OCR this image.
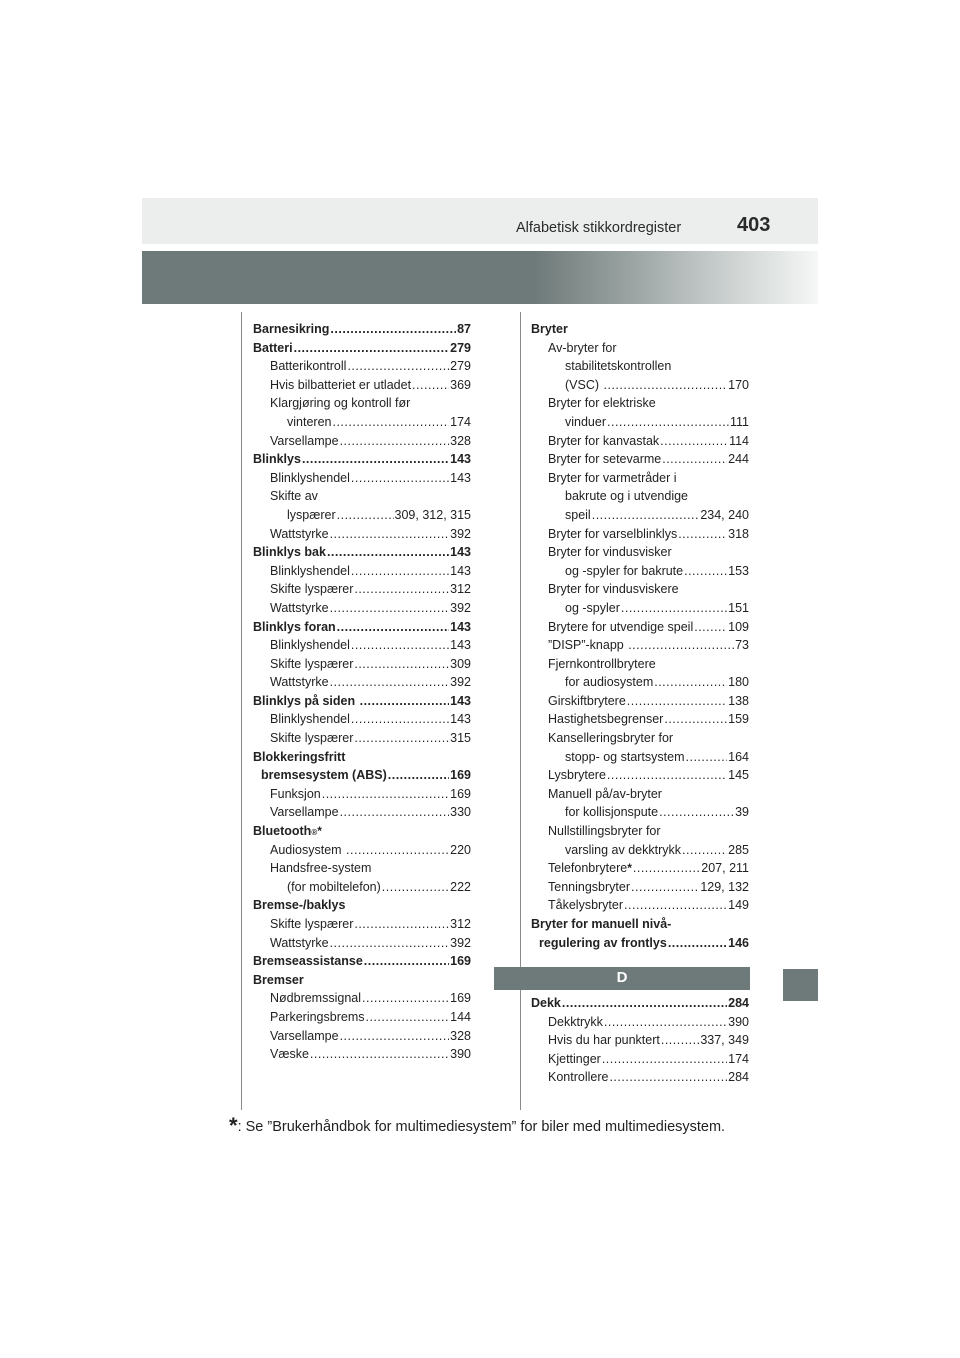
Alfabetisk stikkordregister	403
Barnesikring .....	87
Batteri .....	279
Batterikontroll .....	279
Hvis bilbatteriet er utladet .....	369
Klargjøring og kontroll før
vinteren .....	174
Varsellampe .....	328
Blinklys .....	143
Blinklyshendel .....	143
Skifte av
lyspærer .....	309, 312, 315
Wattstyrke .....	392
Blinklys bak .....	143
Blinklyshendel .....	143
Skifte lyspærer .....	312
Wattstyrke .....	392
Blinklys foran .....	143
Blinklyshendel .....	143
Skifte lyspærer .....	309
Wattstyrke .....	392
Blinklys på siden .....	143
Blinklyshendel .....	143
Skifte lyspærer .....	315
Blokkeringsfritt
bremsesystem (ABS) .....	169
Funksjon .....	169
Varsellampe .....	330
Bluetooth ® *
Audiosystem .....	220
Handsfree-system
(for mobiltelefon) .....	222
Bremse-/baklys
Skifte lyspærer .....	312
Wattstyrke .....	392
Bremseassistanse .....	169
Bremser
Nødbremssignal .....	169
Parkeringsbrems .....	144
Varsellampe .....	328
Væske .....	390
Bryter
Av-bryter for
stabilitetskontrollen
(VSC) .....	170
Bryter for elektriske
vinduer .....	111
Bryter for kanvastak .....	114
Bryter for setevarme .....	244
Bryter for varmetråder i
bakrute og i utvendige
speil .....	234, 240
Bryter for varselblinklys .....	318
Bryter for vindusvisker
og -spyler for bakrute .....	153
Bryter for vindusviskere
og -spyler .....	151
Brytere for utvendige speil .....	109
”DISP”-knapp .....	73
Fjernkontrollbrytere
for audiosystem .....	180
Girskiftbrytere .....	138
Hastighetsbegrenser .....	159
Kanselleringsbryter for
stopp- og startsystem .....	164
Lysbrytere .....	145
Manuell på/av-bryter
for kollisjonspute .....	39
Nullstillingsbryter for
varsling av dekktrykk .....	285
Telefonbrytere * .....	207, 211
Tenningsbryter .....	129, 132
Tåkelysbryter .....	149
Bryter for manuell nivå-
regulering av frontlys .....	146
D
Dekk .....	284
Dekktrykk .....	390
Hvis du har punktert .....	337, 349
Kjettinger .....	174
Kontrollere .....	284
*: Se ”Brukerhåndbok for multimediesystem” for biler med multimediesystem.
